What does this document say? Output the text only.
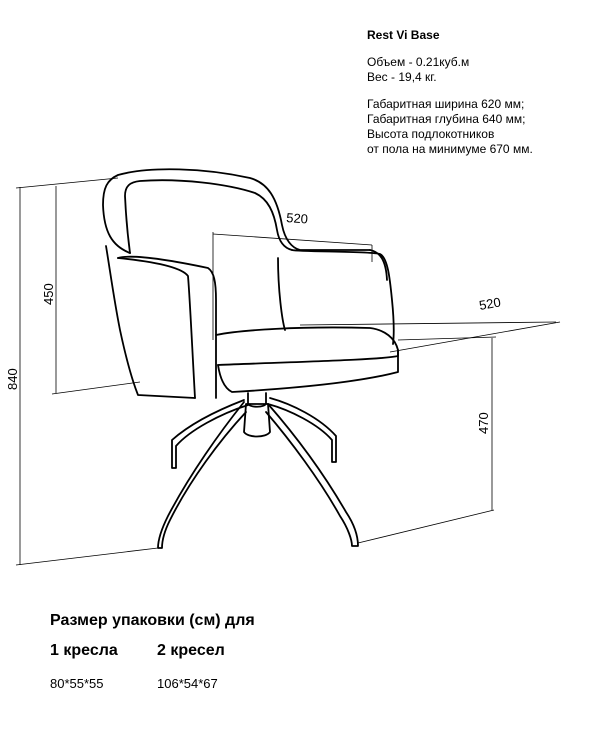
840
450
520
520
470
Rest Vi Base
Объем - 0.21куб.м
Вес - 19,4 кг.
Габаритная ширина 620 мм;
Габаритная глубина 640 мм;
Высота подлокотников
от пола на минимуме 670 мм.
Размер упаковки (см) для
1 кресла 2 кресел
80*55*55	106*54*67
